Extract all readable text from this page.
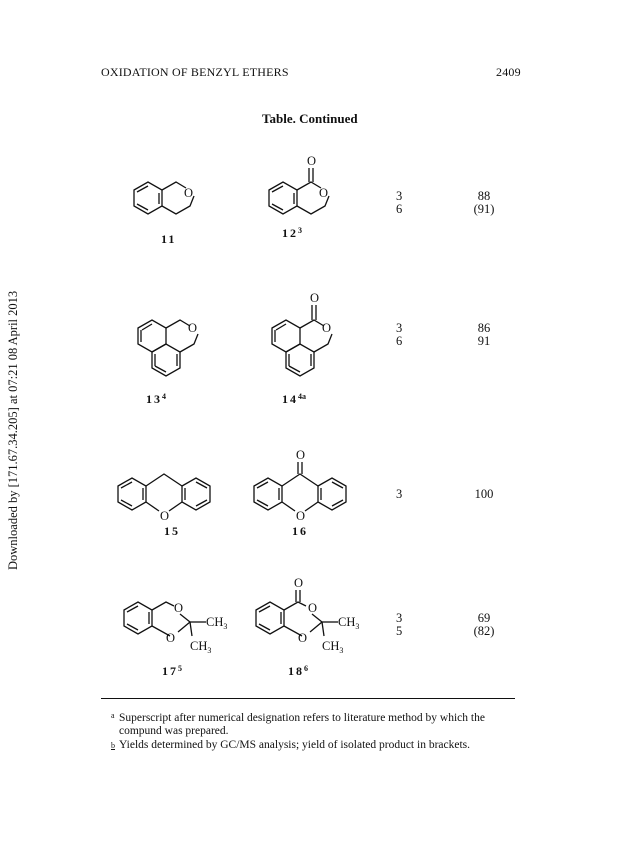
OXIDATION OF BENZYL ETHERS	2409
Table. Continued
Downloaded by [171.67.34.205] at 07:21 08 April 2013
O
11
O
O
$12^3$
3
6
88
(91)
O
$13^4$
O
O
$14^{4a}$
3
6
86
91
O
15
O
O
16
3	100
O
O
$CH_3$
$CH_3$
$17^5$
O
O
O
$CH_3$
$CH_3$
$18^6$
3
5
69
(82)
a Superscript after numerical designation refers to literature method by which the compund was prepared.
b Yields determined by GC/MS analysis; yield of isolated product in brackets.
